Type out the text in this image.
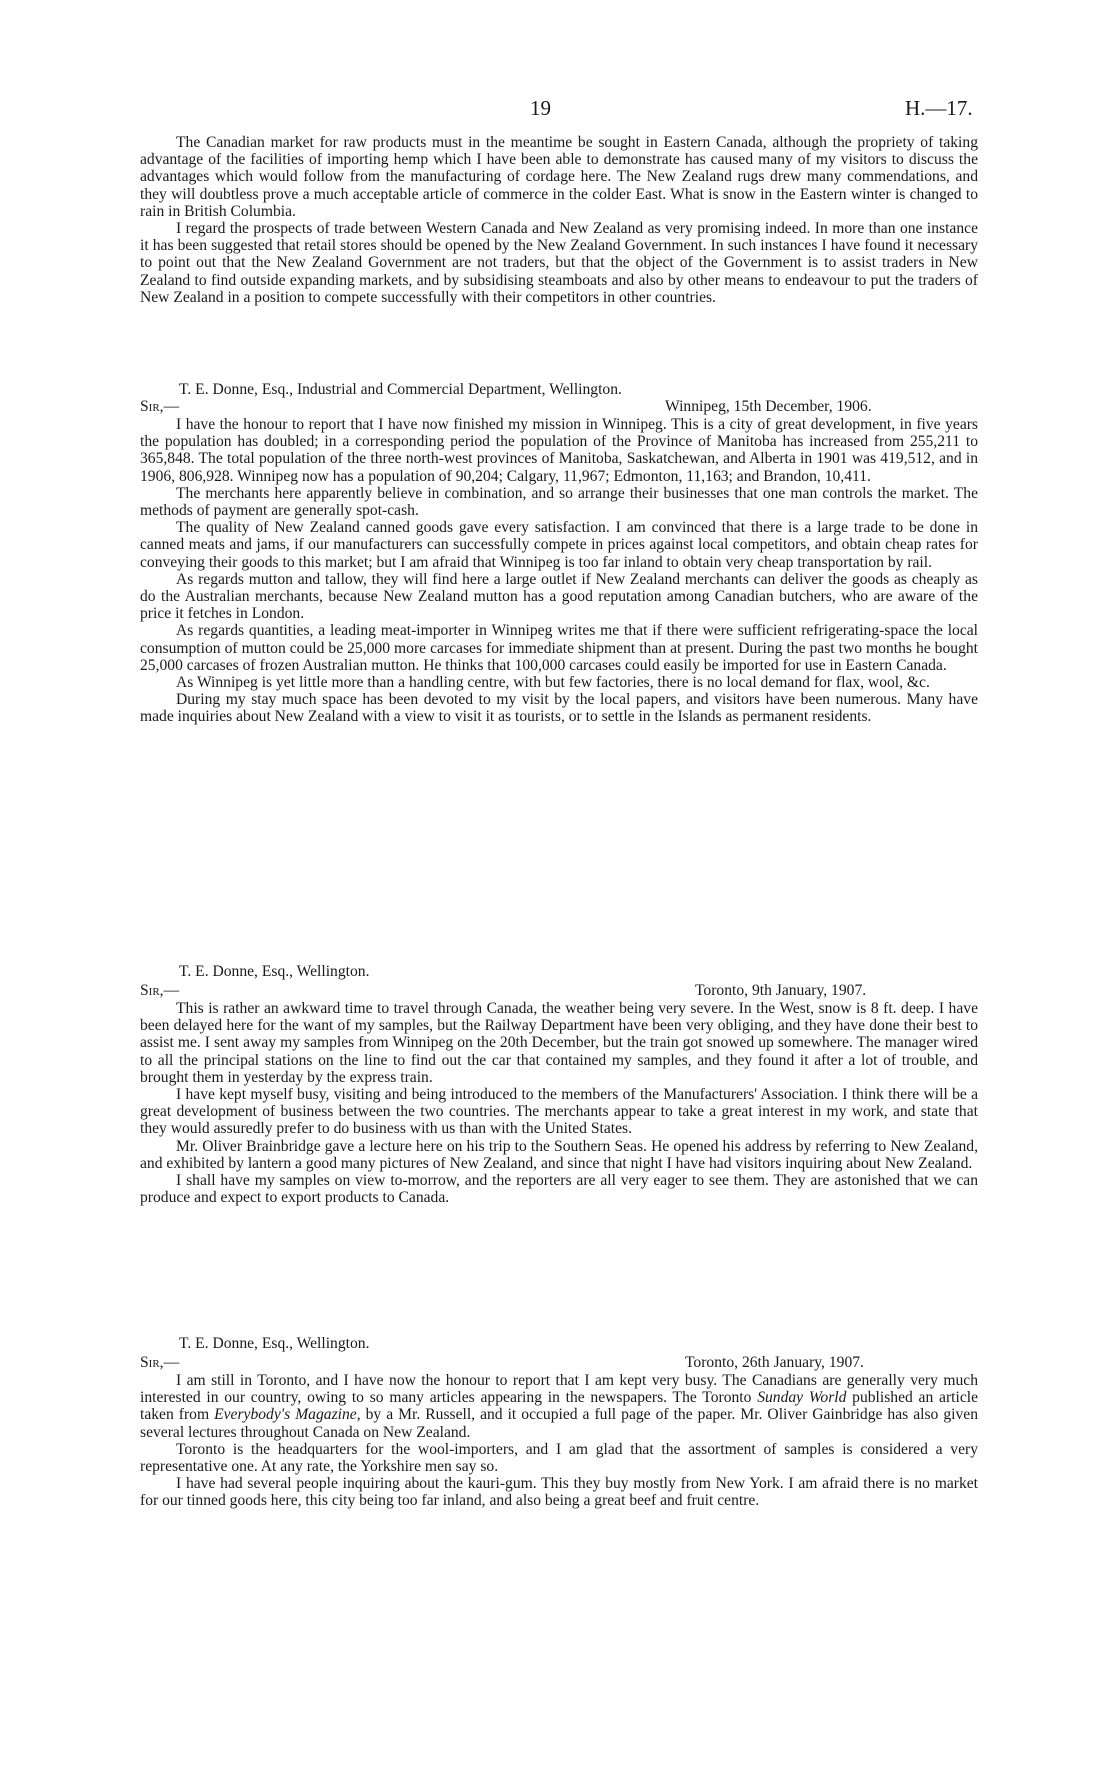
19	H.—17.

The Canadian market for raw products must in the meantime be sought in Eastern Canada, although the propriety of taking advantage of the facilities of importing hemp which I have been able to demonstrate has caused many of my visitors to discuss the advantages which would follow from the manufacturing of cordage here. The New Zealand rugs drew many commendations, and they will doubtless prove a much acceptable article of commerce in the colder East. What is snow in the Eastern winter is changed to rain in British Columbia.

I regard the prospects of trade between Western Canada and New Zealand as very promising indeed. In more than one instance it has been suggested that retail stores should be opened by the New Zealand Government. In such instances I have found it necessary to point out that the New Zealand Government are not traders, but that the object of the Government is to assist traders in New Zealand to find outside expanding markets, and by subsidising steamboats and also by other means to endeavour to put the traders of New Zealand in a position to compete successfully with their competitors in other countries.

T. E. Donne, Esq., Industrial and Commercial Department, Wellington.
Sir,—	Winnipeg, 15th December, 1906.

I have the honour to report that I have now finished my mission in Winnipeg. This is a city of great development, in five years the population has doubled; in a corresponding period the population of the Province of Manitoba has increased from 255,211 to 365,848. The total population of the three north-west provinces of Manitoba, Saskatchewan, and Alberta in 1901 was 419,512, and in 1906, 806,928. Winnipeg now has a population of 90,204; Calgary, 11,967; Edmonton, 11,163; and Brandon, 10,411.

The merchants here apparently believe in combination, and so arrange their businesses that one man controls the market. The methods of payment are generally spot-cash.

The quality of New Zealand canned goods gave every satisfaction. I am convinced that there is a large trade to be done in canned meats and jams, if our manufacturers can successfully compete in prices against local competitors, and obtain cheap rates for conveying their goods to this market; but I am afraid that Winnipeg is too far inland to obtain very cheap transportation by rail.

As regards mutton and tallow, they will find here a large outlet if New Zealand merchants can deliver the goods as cheaply as do the Australian merchants, because New Zealand mutton has a good reputation among Canadian butchers, who are aware of the price it fetches in London.

As regards quantities, a leading meat-importer in Winnipeg writes me that if there were sufficient refrigerating-space the local consumption of mutton could be 25,000 more carcases for immediate shipment than at present. During the past two months he bought 25,000 carcases of frozen Australian mutton. He thinks that 100,000 carcases could easily be imported for use in Eastern Canada.

As Winnipeg is yet little more than a handling centre, with but few factories, there is no local demand for flax, wool, &c.

During my stay much space has been devoted to my visit by the local papers, and visitors have been numerous. Many have made inquiries about New Zealand with a view to visit it as tourists, or to settle in the Islands as permanent residents.

T. E. Donne, Esq., Wellington.
Sir,—	Toronto, 9th January, 1907.

This is rather an awkward time to travel through Canada, the weather being very severe. In the West, snow is 8 ft. deep. I have been delayed here for the want of my samples, but the Railway Department have been very obliging, and they have done their best to assist me. I sent away my samples from Winnipeg on the 20th December, but the train got snowed up somewhere. The manager wired to all the principal stations on the line to find out the car that contained my samples, and they found it after a lot of trouble, and brought them in yesterday by the express train.

I have kept myself busy, visiting and being introduced to the members of the Manufacturers' Association. I think there will be a great development of business between the two countries. The merchants appear to take a great interest in my work, and state that they would assuredly prefer to do business with us than with the United States.

Mr. Oliver Brainbridge gave a lecture here on his trip to the Southern Seas. He opened his address by referring to New Zealand, and exhibited by lantern a good many pictures of New Zealand, and since that night I have had visitors inquiring about New Zealand.

I shall have my samples on view to-morrow, and the reporters are all very eager to see them. They are astonished that we can produce and expect to export products to Canada.

T. E. Donne, Esq., Wellington.
Sir,—	Toronto, 26th January, 1907.

I am still in Toronto, and I have now the honour to report that I am kept very busy. The Canadians are generally very much interested in our country, owing to so many articles appearing in the newspapers. The Toronto Sunday World published an article taken from Everybody's Magazine, by a Mr. Russell, and it occupied a full page of the paper. Mr. Oliver Gainbridge has also given several lectures throughout Canada on New Zealand.

Toronto is the headquarters for the wool-importers, and I am glad that the assortment of samples is considered a very representative one. At any rate, the Yorkshire men say so.

I have had several people inquiring about the kauri-gum. This they buy mostly from New York. I am afraid there is no market for our tinned goods here, this city being too far inland, and also being a great beef and fruit centre.
